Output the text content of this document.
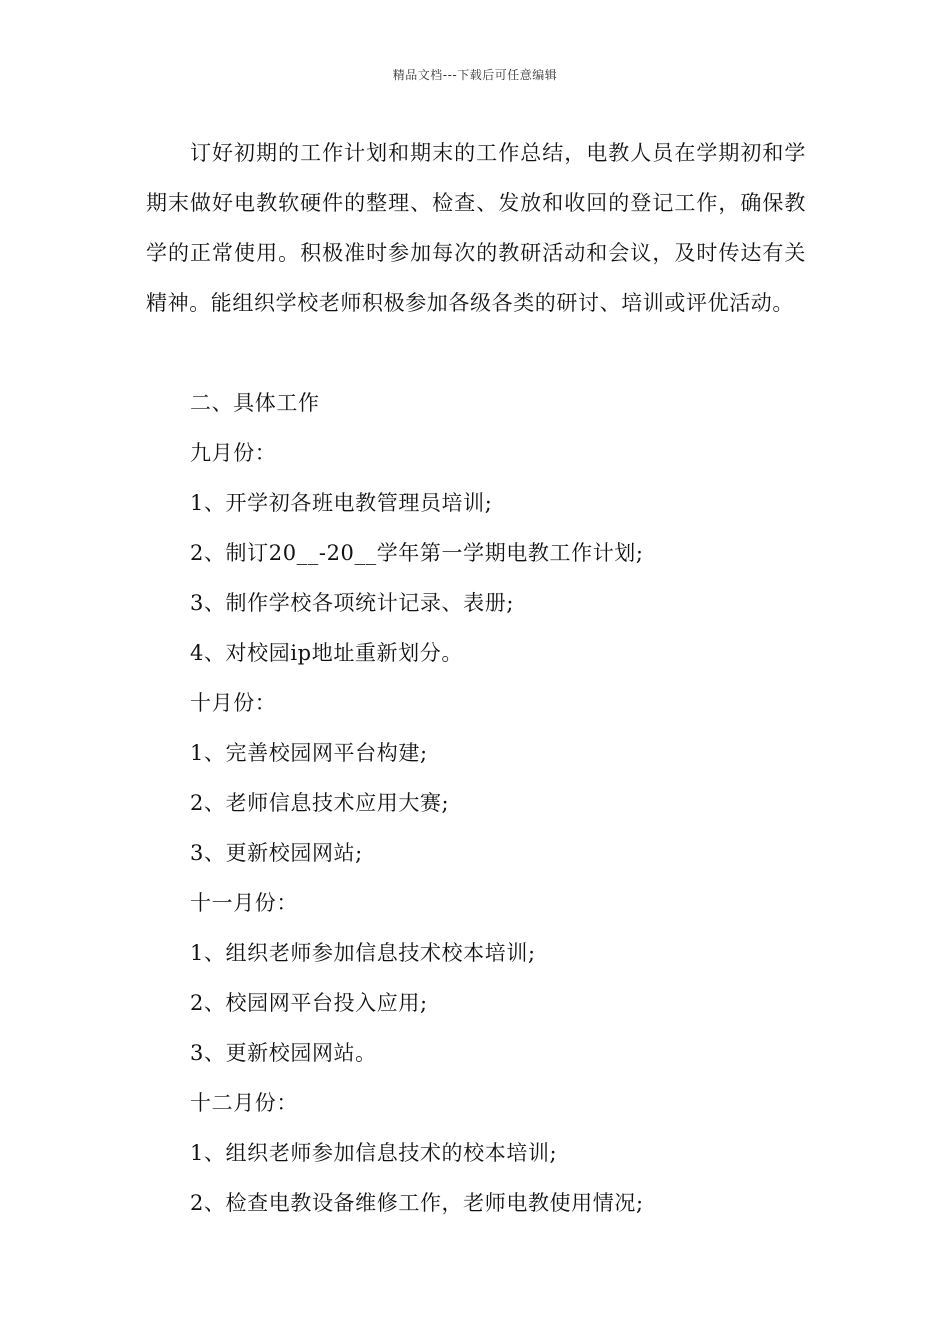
精品文档---下载后可任意编辑

订好初期的工作计划和期末的工作总结，电教人员在学期初和学期末做好电教软硬件的整理、检查、发放和收回的登记工作，确保教学的正常使用。积极准时参加每次的教研活动和会议，及时传达有关精神。能组织学校老师积极参加各级各类的研讨、培训或评优活动。

二、具体工作
九月份：
1、开学初各班电教管理员培训;
2、制订20__-20__学年第一学期电教工作计划;
3、制作学校各项统计记录、表册;
4、对校园ip地址重新划分。
十月份：
1、完善校园网平台构建;
2、老师信息技术应用大赛;
3、更新校园网站;
十一月份：
1、组织老师参加信息技术校本培训;
2、校园网平台投入应用;
3、更新校园网站。
十二月份：
1、组织老师参加信息技术的校本培训;
2、检查电教设备维修工作，老师电教使用情况;
